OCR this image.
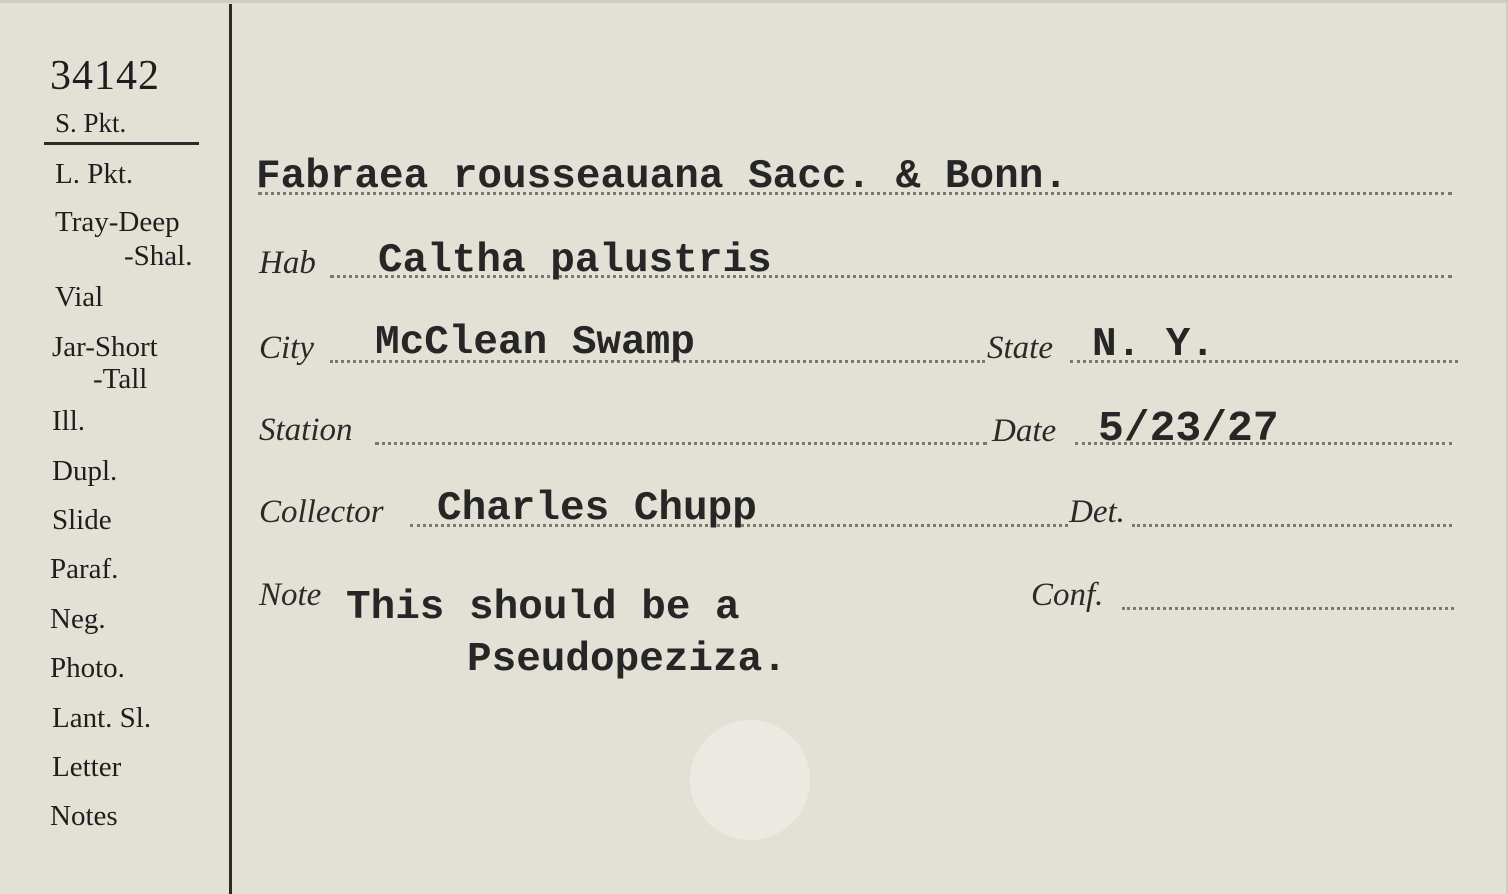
34142
S. Pkt.
L. Pkt.
Tray-Deep
-Shal.
Vial
Jar-Short
-Tall
Ill.
Dupl.
Slide
Paraf.
Neg.
Photo.
Lant. Sl.
Letter
Notes
Fabraea rousseauana Sacc. & Bonn.
Hab Caltha palustris
City McClean Swamp	State N. Y.
Station	Date 5/23/27
Collector Charles Chupp	Det.
Note This should be a
Pseudopeziza.
Conf.
